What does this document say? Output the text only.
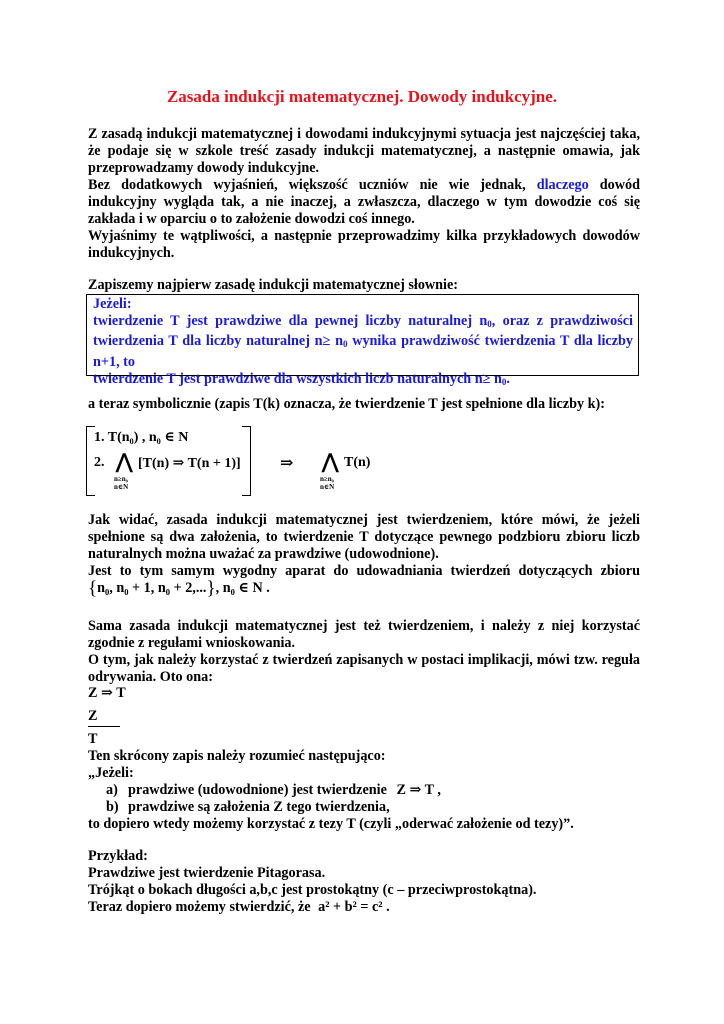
Zasada indukcji matematycznej. Dowody indukcyjne.
Z zasadą indukcji matematycznej i dowodami indukcyjnymi sytuacja jest najczęściej taka, że podaje się w szkole treść zasady indukcji matematycznej, a następnie omawia, jak przeprowadzamy dowody indukcyjne.
Bez dodatkowych wyjaśnień, większość uczniów nie wie jednak, dlaczego dowód indukcyjny wygląda tak, a nie inaczej, a zwłaszcza, dlaczego w tym dowodzie coś się zakłada i w oparciu o to założenie dowodzi coś innego.
Wyjaśnimy te wątpliwości, a następnie przeprowadzimy kilka przykładowych dowodów indukcyjnych.
Zapiszemy najpierw zasadę indukcji matematycznej słownie:
Jeżeli:
twierdzenie T jest prawdziwe dla pewnej liczby naturalnej $n_0$, oraz z prawdziwości twierdzenia T dla liczby naturalnej $n\ge n_0$ wynika prawdziwość twierdzenia T dla liczby n+1, to
twierdzenie T jest prawdziwe dla wszystkich liczb naturalnych $n\ge n_0$.
a teraz symbolicznie (zapis T(k) oznacza, że twierdzenie T jest spełnione dla liczby k):
1. T(n₀) , n₀ ∈ N
2. ⋀
n≥n₀
n∈N
[T(n) ⇒ T(n + 1)] ⇒ ⋀
n≥n₀
n∈N
T(n)
Jak widać, zasada indukcji matematycznej jest twierdzeniem, które mówi, że jeżeli spełnione są dwa założenia, to twierdzenie T dotyczące pewnego podzbioru zbioru liczb naturalnych można uważać za prawdziwe (udowodnione).
Jest to tym samym wygodny aparat do udowadniania twierdzeń dotyczących zbioru
{n₀, n₀ + 1, n₀ + 2,...}, n₀ ∈ N .
Sama zasada indukcji matematycznej jest też twierdzeniem, i należy z niej korzystać zgodnie z regułami wnioskowania.
O tym, jak należy korzystać z twierdzeń zapisanych w postaci implikacji, mówi tzw. reguła odrywania. Oto ona:
Z ⇒ T
Z
T
Ten skrócony zapis należy rozumieć następująco:
„Jeżeli:
a) prawdziwe (udowodnione) jest twierdzenie Z ⇒ T ,
b) prawdziwe są założenia Z tego twierdzenia,
to dopiero wtedy możemy korzystać z tezy T (czyli „oderwać założenie od tezy)”.
Przykład:
Prawdziwe jest twierdzenie Pitagorasa.
Trójkąt o bokach długości a,b,c jest prostokątny (c – przeciwprostokątna).
Teraz dopiero możemy stwierdzić, że a² + b² = c² .
